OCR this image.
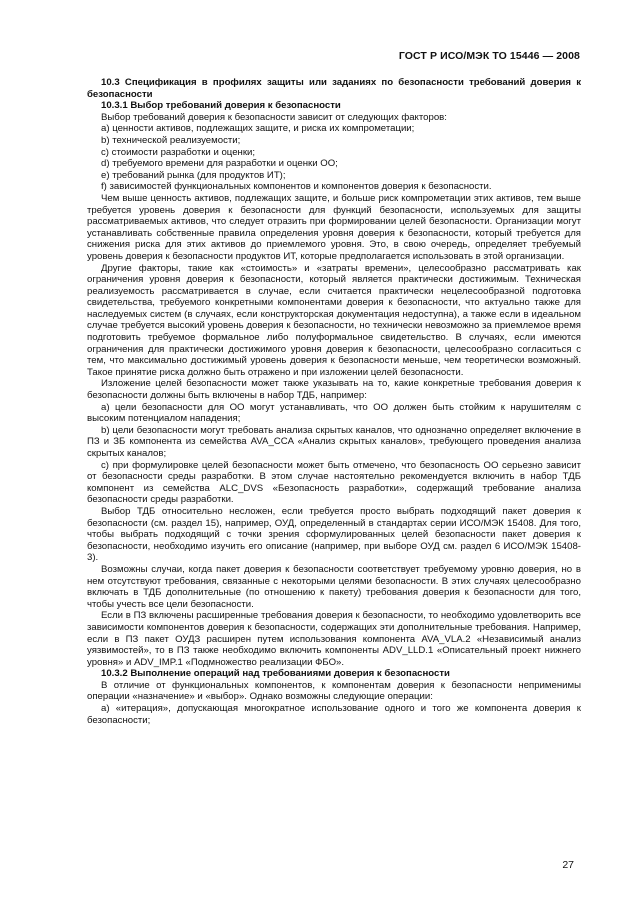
ГОСТ Р ИСО/МЭК ТО 15446 — 2008

10.3 Спецификация в профилях защиты или заданиях по безопасности требований доверия к безопасности

10.3.1 Выбор требований доверия к безопасности

Выбор требований доверия к безопасности зависит от следующих факторов:

a) ценности активов, подлежащих защите, и риска их компрометации;

b) технической реализуемости;

c) стоимости разработки и оценки;

d) требуемого времени для разработки и оценки ОО;

e) требований рынка (для продуктов ИТ);

f) зависимостей функциональных компонентов и компонентов доверия к безопасности.

Чем выше ценность активов, подлежащих защите, и больше риск компрометации этих активов, тем выше требуется уровень доверия к безопасности для функций безопасности, используемых для защиты рассматриваемых активов, что следует отразить при формировании целей безопасности. Организации могут устанавливать собственные правила определения уровня доверия к безопасности, который требуется для снижения риска для этих активов до приемлемого уровня. Это, в свою очередь, определяет требуемый уровень доверия к безопасности продуктов ИТ, которые предполагается использовать в этой организации.

Другие факторы, такие как «стоимость» и «затраты времени», целесообразно рассматривать как ограничения уровня доверия к безопасности, который является практически достижимым. Техническая реализуемость рассматривается в случае, если считается практически нецелесообразной подготовка свидетельства, требуемого конкретными компонентами доверия к безопасности, что актуально также для наследуемых систем (в случаях, если конструкторская документация недоступна), а также если в идеальном случае требуется высокий уровень доверия к безопасности, но технически невозможно за приемлемое время подготовить требуемое формальное либо полуформальное свидетельство. В случаях, если имеются ограничения для практически достижимого уровня доверия к безопасности, целесообразно согласиться с тем, что максимально достижимый уровень доверия к безопасности меньше, чем теоретически возможный. Такое принятие риска должно быть отражено и при изложении целей безопасности.

Изложение целей безопасности может также указывать на то, какие конкретные требования доверия к безопасности должны быть включены в набор ТДБ, например:

a) цели безопасности для ОО могут устанавливать, что ОО должен быть стойким к нарушителям с высоким потенциалом нападения;

b) цели безопасности могут требовать анализа скрытых каналов, что однозначно определяет включение в ПЗ и ЗБ компонента из семейства AVA_CCA «Анализ скрытых каналов», требующего проведения анализа скрытых каналов;

c) при формулировке целей безопасности может быть отмечено, что безопасность ОО серьезно зависит от безопасности среды разработки. В этом случае настоятельно рекомендуется включить в набор ТДБ компонент из семейства ALC_DVS «Безопасность разработки», содержащий требование анализа безопасности среды разработки.

Выбор ТДБ относительно несложен, если требуется просто выбрать подходящий пакет доверия к безопасности (см. раздел 15), например, ОУД, определенный в стандартах серии ИСО/МЭК 15408. Для того, чтобы выбрать подходящий с точки зрения сформулированных целей безопасности пакет доверия к безопасности, необходимо изучить его описание (например, при выборе ОУД см. раздел 6 ИСО/МЭК 15408-3).

Возможны случаи, когда пакет доверия к безопасности соответствует требуемому уровню доверия, но в нем отсутствуют требования, связанные с некоторыми целями безопасности. В этих случаях целесообразно включать в ТДБ дополнительные (по отношению к пакету) требования доверия к безопасности для того, чтобы учесть все цели безопасности.

Если в ПЗ включены расширенные требования доверия к безопасности, то необходимо удовлетворить все зависимости компонентов доверия к безопасности, содержащих эти дополнительные требования. Например, если в ПЗ пакет ОУДЗ расширен путем использования компонента AVA_VLA.2 «Независимый анализ уязвимостей», то в ПЗ также необходимо включить компоненты ADV_LLD.1 «Описательный проект нижнего уровня» и ADV_IMP.1 «Подмножество реализации ФБО».

10.3.2 Выполнение операций над требованиями доверия к безопасности

В отличие от функциональных компонентов, к компонентам доверия к безопасности неприменимы операции «назначение» и «выбор». Однако возможны следующие операции:

a) «итерация», допускающая многократное использование одного и того же компонента доверия к безопасности;

27
